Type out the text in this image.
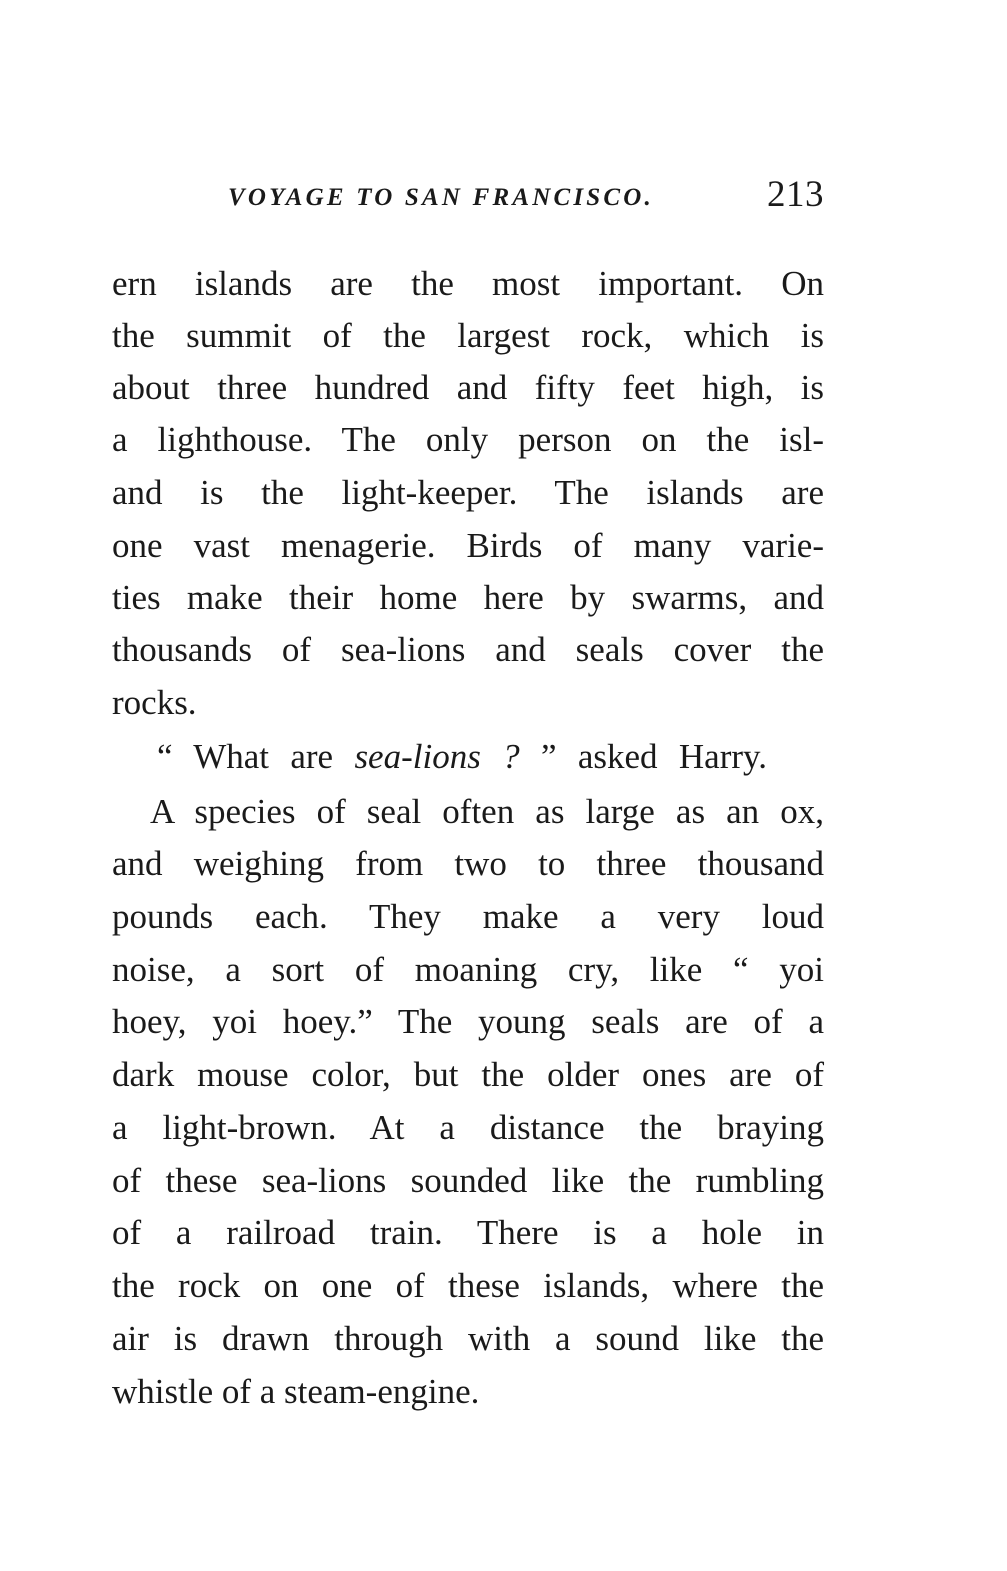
VOYAGE TO SAN FRANCISCO.	213
ern islands are the most important. On
the summit of the largest rock, which is
about three hundred and fifty feet high, is
a lighthouse. The only person on the isl-
and is the light-keeper. The islands are
one vast menagerie. Birds of many varie-
ties make their home here by swarms, and
thousands of sea-lions and seals cover the
rocks.
“ What are sea-lions ? ” asked Harry.
A species of seal often as large as an ox,
and weighing from two to three thousand
pounds each. They make a very loud
noise, a sort of moaning cry, like “ yoi
hoey, yoi hoey.” The young seals are of a
dark mouse color, but the older ones are of
a light-brown. At a distance the braying
of these sea-lions sounded like the rumbling
of a railroad train. There is a hole in
the rock on one of these islands, where the
air is drawn through with a sound like the
whistle of a steam-engine.
